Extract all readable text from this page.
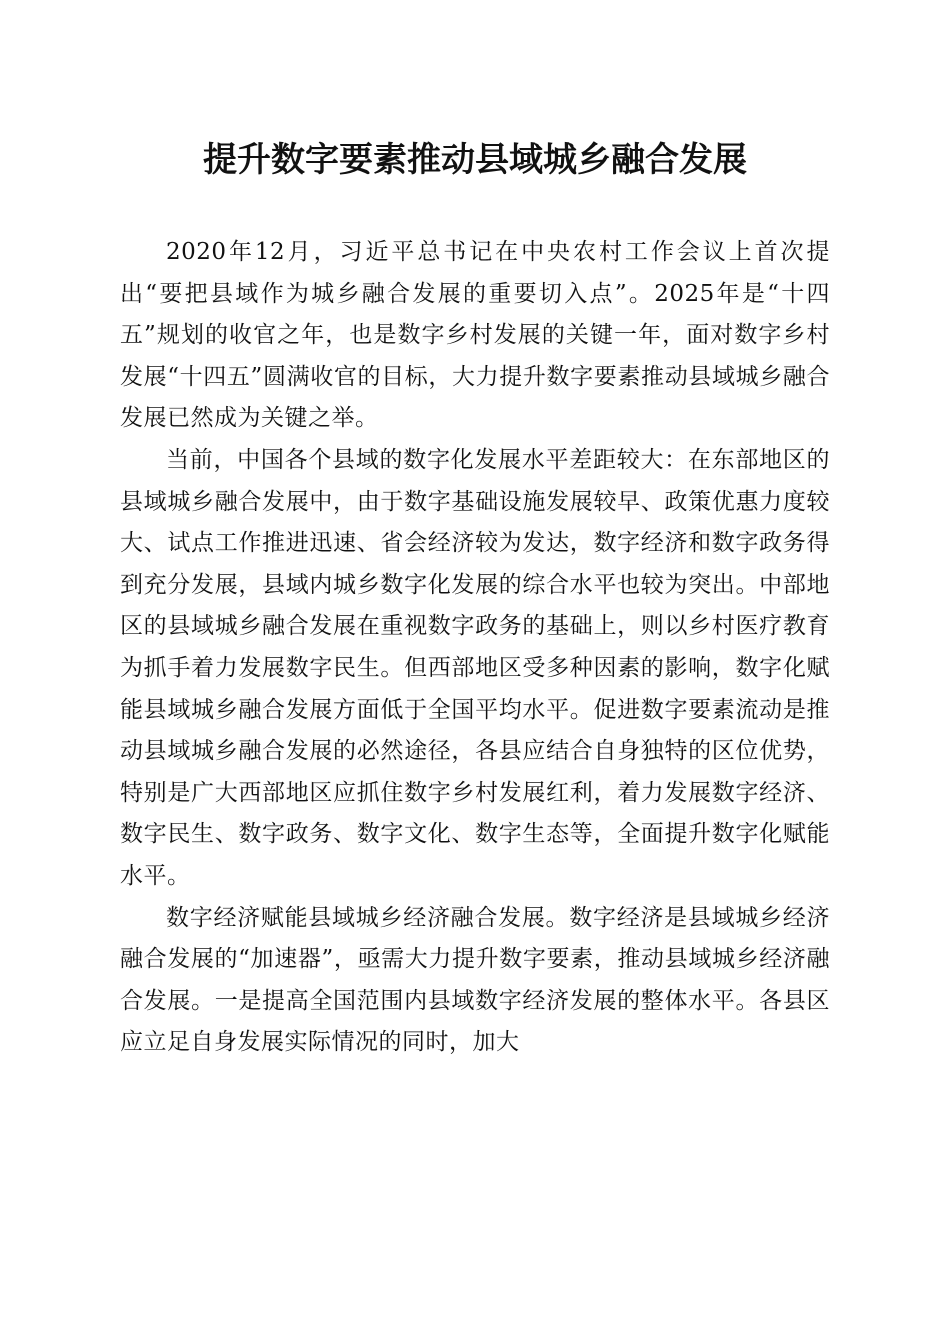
提升数字要素推动县域城乡融合发展

2020年12月，习近平总书记在中央农村工作会议上首次提出“要把县域作为城乡融合发展的重要切入点”。2025年是“十四五”规划的收官之年，也是数字乡村发展的关键一年，面对数字乡村发展“十四五”圆满收官的目标，大力提升数字要素推动县域城乡融合发展已然成为关键之举。

当前，中国各个县域的数字化发展水平差距较大：在东部地区的县域城乡融合发展中，由于数字基础设施发展较早、政策优惠力度较大、试点工作推进迅速、省会经济较为发达，数字经济和数字政务得到充分发展，县域内城乡数字化发展的综合水平也较为突出。中部地区的县域城乡融合发展在重视数字政务的基础上，则以乡村医疗教育为抓手着力发展数字民生。但西部地区受多种因素的影响，数字化赋能县域城乡融合发展方面低于全国平均水平。促进数字要素流动是推动县域城乡融合发展的必然途径，各县应结合自身独特的区位优势，特别是广大西部地区应抓住数字乡村发展红利，着力发展数字经济、数字民生、数字政务、数字文化、数字生态等，全面提升数字化赋能水平。

数字经济赋能县域城乡经济融合发展。数字经济是县域城乡经济融合发展的“加速器”，亟需大力提升数字要素，推动县域城乡经济融合发展。一是提高全国范围内县域数字经济发展的整体水平。各县区应立足自身发展实际情况的同时，加大
